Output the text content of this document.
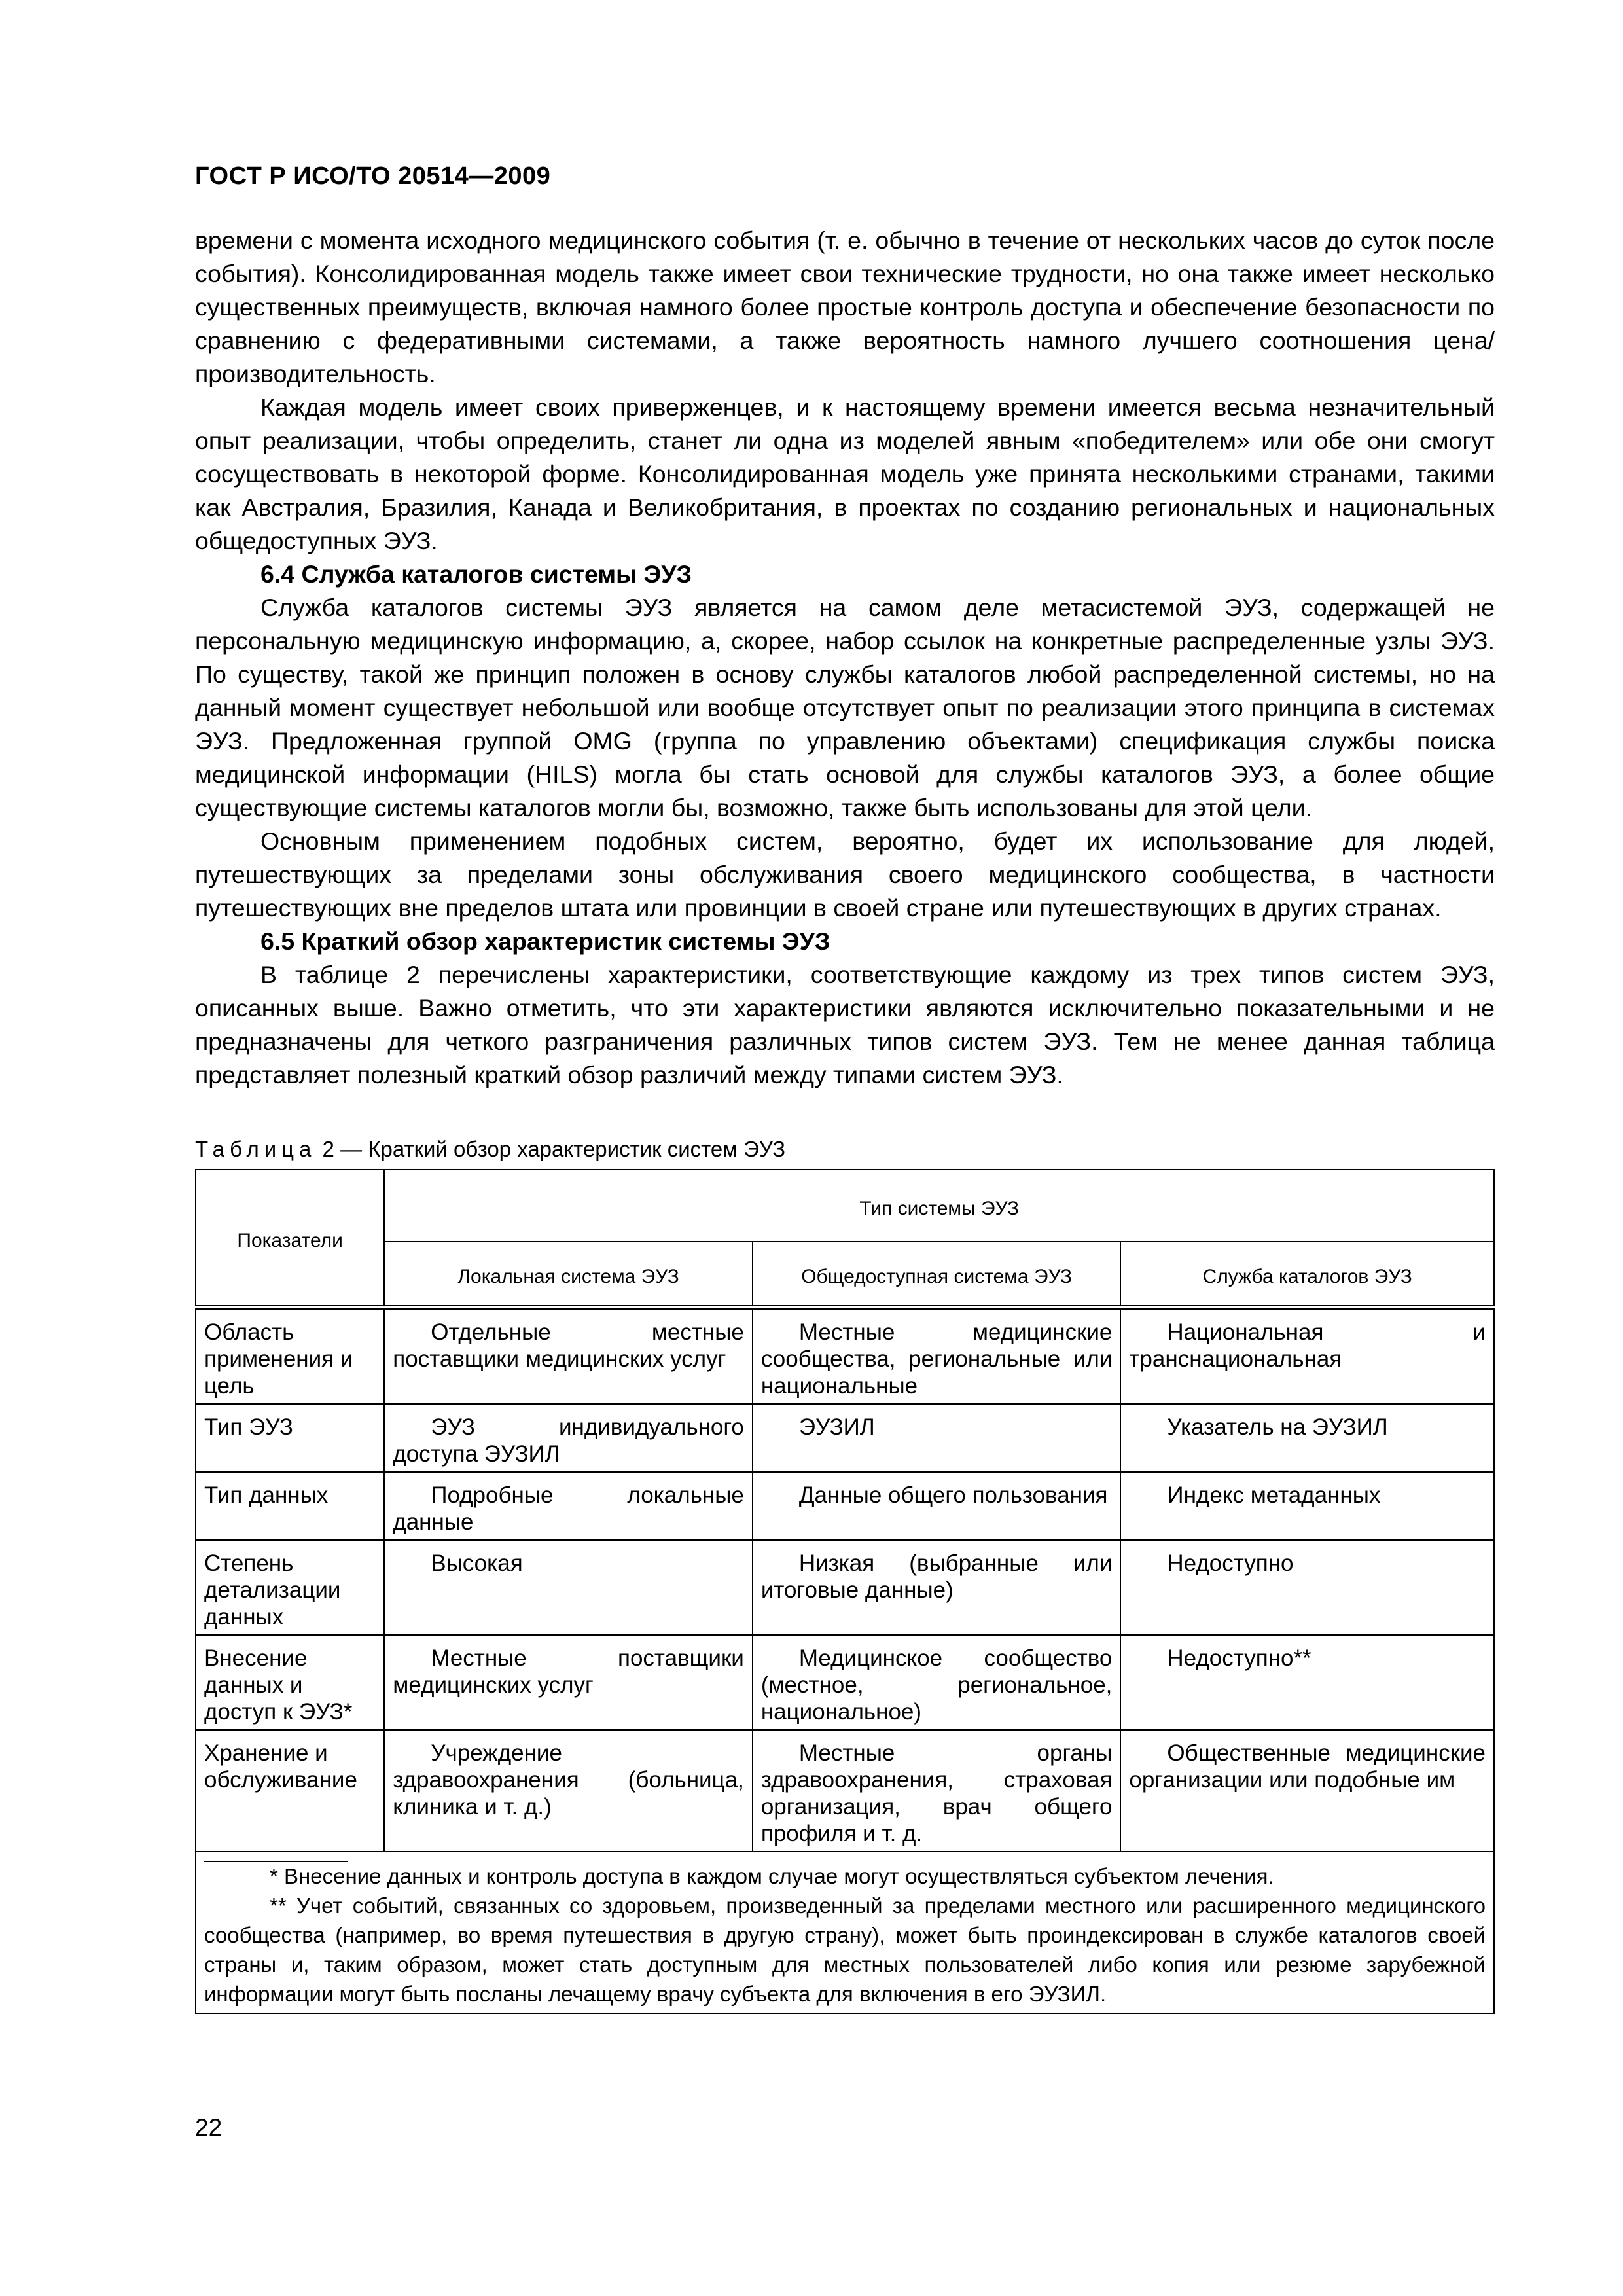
ГОСТ Р ИСО/ТО 20514—2009

времени с момента исходного медицинского события (т. е. обычно в течение от нескольких часов до суток после события). Консолидированная модель также имеет свои технические трудности, но она также имеет несколько существенных преимуществ, включая намного более простые контроль доступа и обеспечение безопасности по сравнению с федеративными системами, а также вероятность намного лучшего соотношения цена/производительность.

Каждая модель имеет своих приверженцев, и к настоящему времени имеется весьма незначительный опыт реализации, чтобы определить, станет ли одна из моделей явным «победителем» или обе они смогут сосуществовать в некоторой форме. Консолидированная модель уже принята несколькими странами, такими как Австралия, Бразилия, Канада и Великобритания, в проектах по созданию региональных и национальных общедоступных ЭУЗ.

6.4 Служба каталогов системы ЭУЗ

Служба каталогов системы ЭУЗ является на самом деле метасистемой ЭУЗ, содержащей не персональную медицинскую информацию, а, скорее, набор ссылок на конкретные распределенные узлы ЭУЗ. По существу, такой же принцип положен в основу службы каталогов любой распределенной системы, но на данный момент существует небольшой или вообще отсутствует опыт по реализации этого принципа в системах ЭУЗ. Предложенная группой OMG (группа по управлению объектами) спецификация службы поиска медицинской информации (HILS) могла бы стать основой для службы каталогов ЭУЗ, а более общие существующие системы каталогов могли бы, возможно, также быть использованы для этой цели.

Основным применением подобных систем, вероятно, будет их использование для людей, путешествующих за пределами зоны обслуживания своего медицинского сообщества, в частности путешествующих вне пределов штата или провинции в своей стране или путешествующих в других странах.

6.5 Краткий обзор характеристик системы ЭУЗ

В таблице 2 перечислены характеристики, соответствующие каждому из трех типов систем ЭУЗ, описанных выше. Важно отметить, что эти характеристики являются исключительно показательными и не предназначены для четкого разграничения различных типов систем ЭУЗ. Тем не менее данная таблица представляет полезный краткий обзор различий между типами систем ЭУЗ.

Таблица 2 — Краткий обзор характеристик систем ЭУЗ
Показатели	Тип системы ЭУЗ		
	Локальная система ЭУЗ	Общедоступная система ЭУЗ	Служба каталогов ЭУЗ

Область применения и цель	Отдельные местные поставщики медицинских услуг	Местные медицинские сообщества, региональные или национальные	Национальная и транснациональная

Тип ЭУЗ	ЭУЗ индивидуального доступа ЭУЗИЛ	ЭУЗИЛ	Указатель на ЭУЗИЛ

Тип данных	Подробные локальные данные	Данные общего пользования	Индекс метаданных

Степень детализации данных	Высокая	Низкая (выбранные или итоговые данные)	Недоступно

Внесение данных и доступ к ЭУЗ*	Местные поставщики медицинских услуг	Медицинское сообщество (местное, региональное, национальное)	Недоступно**

Хранение и обслуживание	Учреждение здравоохранения (больница, клиника и т. д.)	Местные органы здравоохранения, страховая организация, врач общего профиля и т. д.	Общественные медицинские организации или подобные им

* Внесение данных и контроль доступа в каждом случае могут осуществляться субъектом лечения.

** Учет событий, связанных со здоровьем, произведенный за пределами местного или расширенного медицинского сообщества (например, во время путешествия в другую страну), может быть проиндексирован в службе каталогов своей страны и, таким образом, может стать доступным для местных пользователей либо копия или резюме зарубежной информации могут быть посланы лечащему врачу субъекта для включения в его ЭУЗИЛ.			

22
